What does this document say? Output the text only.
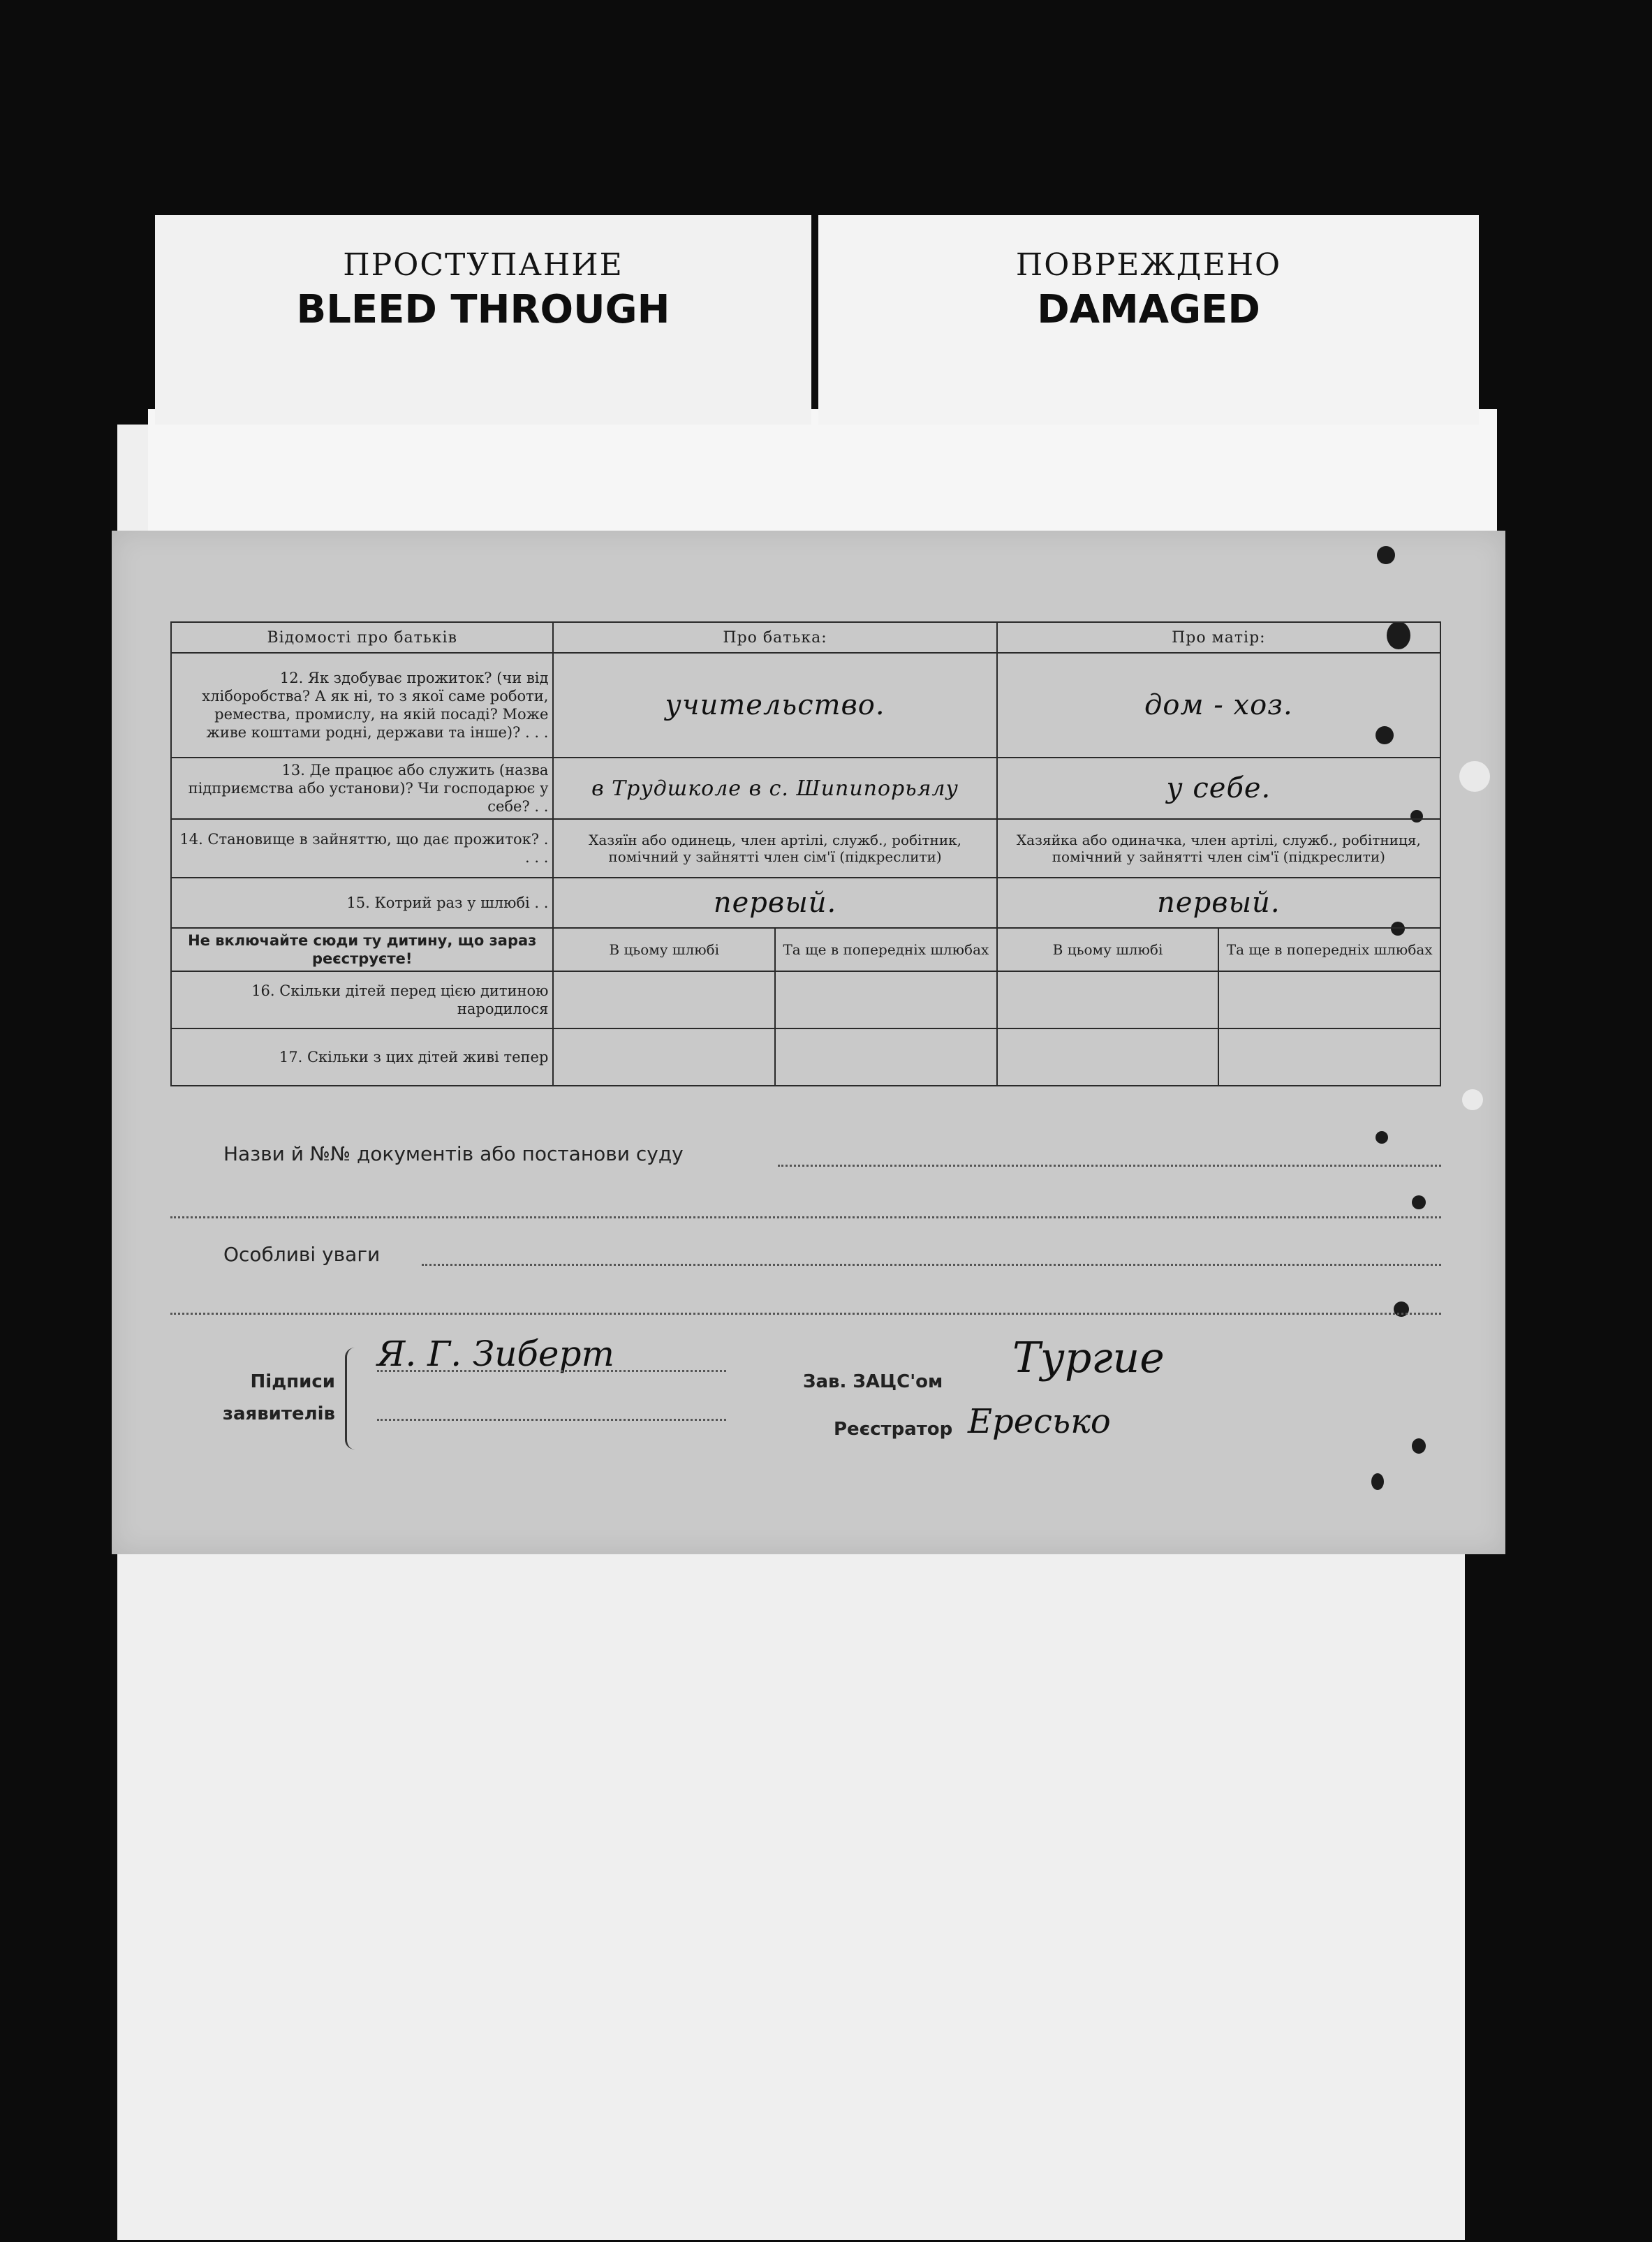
ПРОСТУПАНИЕ
BLEED THROUGH
ПОВРЕЖДЕНО
DAMAGED
Відомості про батьків	Про батька:		Про матір:	
12. Як здобуває прожиток? (чи від хліборобства? А як ні, то з якої саме роботи, ремества, промислу, на якій посаді? Може живе коштами родні, держави та інше)? . . .	учительство.		дом - хоз.	
13. Де працює або служить (назва підприємства або установи)? Чи господарює у себе? . .	в Трудшколе в с. Шипипорьялу		у себе.	
14. Становище в зайняттю, що дає прожиток? . . . .	Хазяїн або одинець, член артілі, служб., робітник, помічний у зайнятті член сім'ї (підкреслити)		Хазяйка або одиначка, член артілі, служб., робітниця, помічний у зайнятті член сім'ї (підкреслити)	
15. Котрий раз у шлюбі . .	первый.		первый.	
Не включайте сюди ту дитину, що зараз реєструєте!	В цьому шлюбі	Та ще в попередніх шлюбах	В цьому шлюбі	Та ще в попередніх шлюбах
16. Скільки дітей перед цією дитиною народилося				
17. Скільки з цих дітей живі тепер				
Назви й №№ документів або постанови суду
Особливі уваги
Підписи
заявителів
Я. Г. Зиберт
Зав. ЗАЦС'ом Тургие
Реєстратор Ересько
